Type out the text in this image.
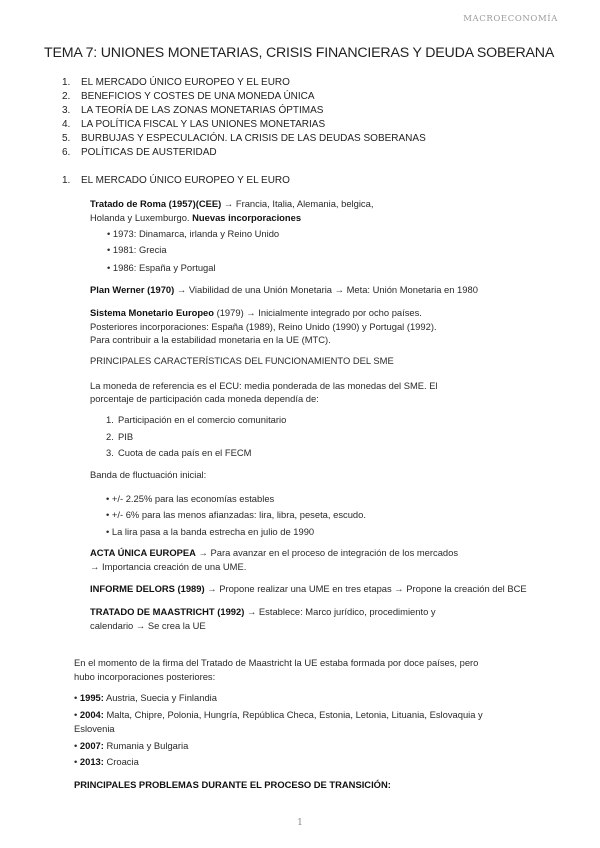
MACROECONOMÍA
TEMA 7: UNIONES MONETARIAS, CRISIS FINANCIERAS Y DEUDA SOBERANA
1. EL MERCADO ÚNICO EUROPEO Y EL EURO
2. BENEFICIOS Y COSTES DE UNA MONEDA ÚNICA
3. LA TEORÍA DE LAS ZONAS MONETARIAS ÓPTIMAS
4. LA POLÍTICA FISCAL Y LAS UNIONES MONETARIAS
5. BURBUJAS Y ESPECULACIÓN. LA CRISIS DE LAS DEUDAS SOBERANAS
6. POLÍTICAS DE AUSTERIDAD
1. EL MERCADO ÚNICO EUROPEO Y EL EURO
Tratado de Roma (1957)(CEE) → Francia, Italia, Alemania, belgica,
Holanda y Luxemburgo. Nuevas incorporaciones
• 1973: Dinamarca, irlanda y Reino Unido
• 1981: Grecia
• 1986: España y Portugal
Plan Werner (1970) → Viabilidad de una Unión Monetaria → Meta: Unión Monetaria en 1980
Sistema Monetario Europeo (1979) → Inicialmente integrado por ocho países.
Posteriores incorporaciones: España (1989), Reino Unido (1990) y Portugal (1992).
Para contribuir a la estabilidad monetaria en la UE (MTC).
PRINCIPALES CARACTERÍSTICAS DEL FUNCIONAMIENTO DEL SME
La moneda de referencia es el ECU: media ponderada de las monedas del SME. El
porcentaje de participación cada moneda dependía de:
1. Participación en el comercio comunitario
2. PIB
3. Cuota de cada país en el FECM
Banda de fluctuación inicial:
• +/- 2.25% para las economías estables
• +/- 6% para las menos afianzadas: lira, libra, peseta, escudo.
• La lira pasa a la banda estrecha en julio de 1990
ACTA ÚNICA EUROPEA → Para avanzar en el proceso de integración de los mercados
→ Importancia creación de una UME.
INFORME DELORS (1989) → Propone realizar una UME en tres etapas → Propone la creación del BCE
TRATADO DE MAASTRICHT (1992) → Establece: Marco jurídico, procedimiento y
calendario → Se crea la UE
En el momento de la firma del Tratado de Maastricht la UE estaba formada por doce países, pero
hubo incorporaciones posteriores:
• 1995: Austria, Suecia y Finlandia
• 2004: Malta, Chipre, Polonia, Hungría, República Checa, Estonia, Letonia, Lituania, Eslovaquia y
Eslovenia
• 2007: Rumania y Bulgaria
• 2013: Croacia
PRINCIPALES PROBLEMAS DURANTE EL PROCESO DE TRANSICIÓN:
1
